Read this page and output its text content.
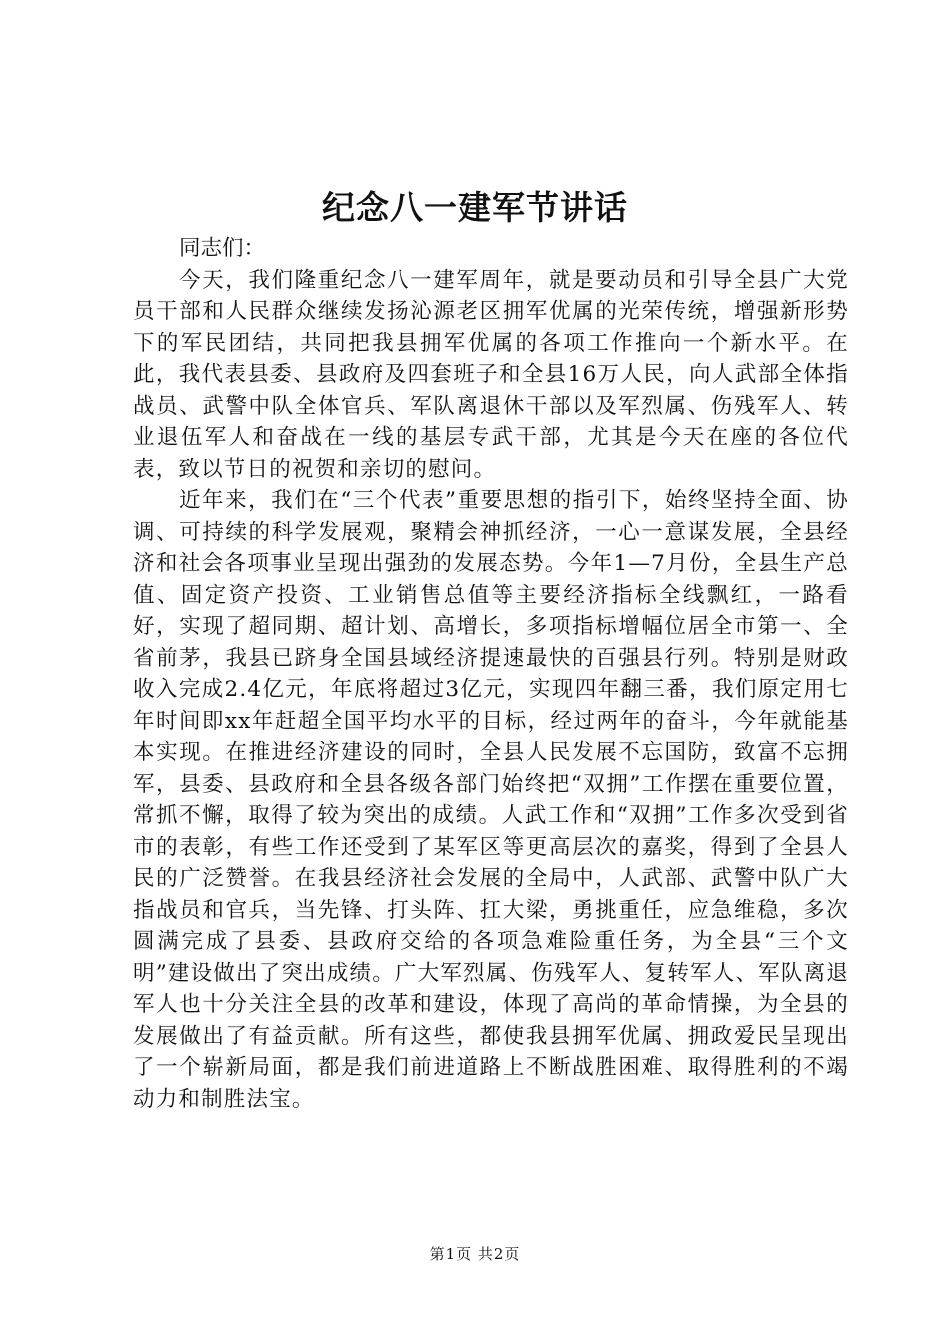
纪念八一建军节讲话

同志们：

今天，我们隆重纪念八一建军周年，就是要动员和引导全县广大党员干部和人民群众继续发扬沁源老区拥军优属的光荣传统，增强新形势下的军民团结，共同把我县拥军优属的各项工作推向一个新水平。在此，我代表县委、县政府及四套班子和全县16万人民，向人武部全体指战员、武警中队全体官兵、军队离退休干部以及军烈属、伤残军人、转业退伍军人和奋战在一线的基层专武干部，尤其是今天在座的各位代表，致以节日的祝贺和亲切的慰问。

近年来，我们在“三个代表”重要思想的指引下，始终坚持全面、协调、可持续的科学发展观，聚精会神抓经济，一心一意谋发展，全县经济和社会各项事业呈现出强劲的发展态势。今年1—7月份，全县生产总值、固定资产投资、工业销售总值等主要经济指标全线飘红，一路看好，实现了超同期、超计划、高增长，多项指标增幅位居全市第一、全省前茅，我县已跻身全国县域经济提速最快的百强县行列。特别是财政收入完成2.4亿元，年底将超过3亿元，实现四年翻三番，我们原定用七年时间即xx年赶超全国平均水平的目标，经过两年的奋斗，今年就能基本实现。在推进经济建设的同时，全县人民发展不忘国防，致富不忘拥军，县委、县政府和全县各级各部门始终把“双拥”工作摆在重要位置，常抓不懈，取得了较为突出的成绩。人武工作和“双拥”工作多次受到省市的表彰，有些工作还受到了某军区等更高层次的嘉奖，得到了全县人民的广泛赞誉。在我县经济社会发展的全局中，人武部、武警中队广大指战员和官兵，当先锋、打头阵、扛大梁，勇挑重任，应急维稳，多次圆满完成了县委、县政府交给的各项急难险重任务，为全县“三个文明”建设做出了突出成绩。广大军烈属、伤残军人、复转军人、军队离退军人也十分关注全县的改革和建设，体现了高尚的革命情操，为全县的发展做出了有益贡献。所有这些，都使我县拥军优属、拥政爱民呈现出了一个崭新局面，都是我们前进道路上不断战胜困难、取得胜利的不竭动力和制胜法宝。

第1页 共2页
